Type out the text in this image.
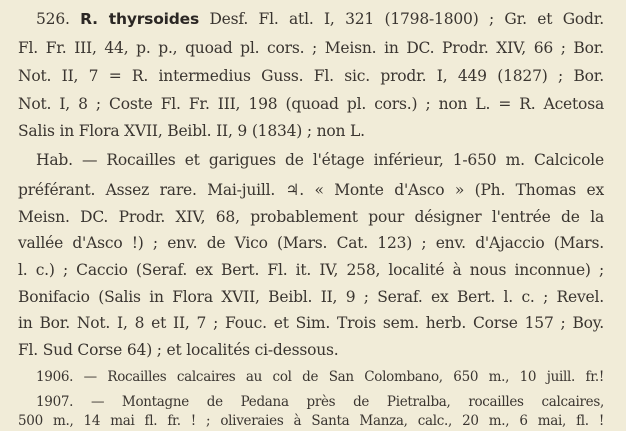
526. R. thyrsoides Desf. Fl. atl. I, 321 (1798-1800) ; Gr. et Godr.
Fl. Fr. III, 44, p. p., quoad pl. cors. ; Meisn. in DC. Prodr. XIV, 66 ; Bor.
Not. II, 7 = R. intermedius Guss. Fl. sic. prodr. I, 449 (1827) ; Bor.
Not. I, 8 ; Coste Fl. Fr. III, 198 (quoad pl. cors.) ; non L. = R. Acetosa
Salis in Flora XVII, Beibl. II, 9 (1834) ; non L.
Hab. — Rocailles et garigues de l'étage inférieur, 1-650 m. Calcicole
préférant. Assez rare. Mai-juill. ♃. « Monte d'Asco » (Ph. Thomas ex
Meisn. DC. Prodr. XIV, 68, probablement pour désigner l'entrée de la
vallée d'Asco !) ; env. de Vico (Mars. Cat. 123) ; env. d'Ajaccio (Mars.
l. c.) ; Caccio (Seraf. ex Bert. Fl. it. IV, 258, localité à nous inconnue) ;
Bonifacio (Salis in Flora XVII, Beibl. II, 9 ; Seraf. ex Bert. l. c. ; Revel.
in Bor. Not. I, 8 et II, 7 ; Fouc. et Sim. Trois sem. herb. Corse 157 ; Boy.
Fl. Sud Corse 64) ; et localités ci-dessous.
1906. — Rocailles calcaires au col de San Colombano, 650 m., 10 juill. fr.!
1907. — Montagne de Pedana près de Pietralba, rocailles calcaires,
500 m., 14 mai fl. fr. ! ; oliveraies à Santa Manza, calc., 20 m., 6 mai, fl. !
